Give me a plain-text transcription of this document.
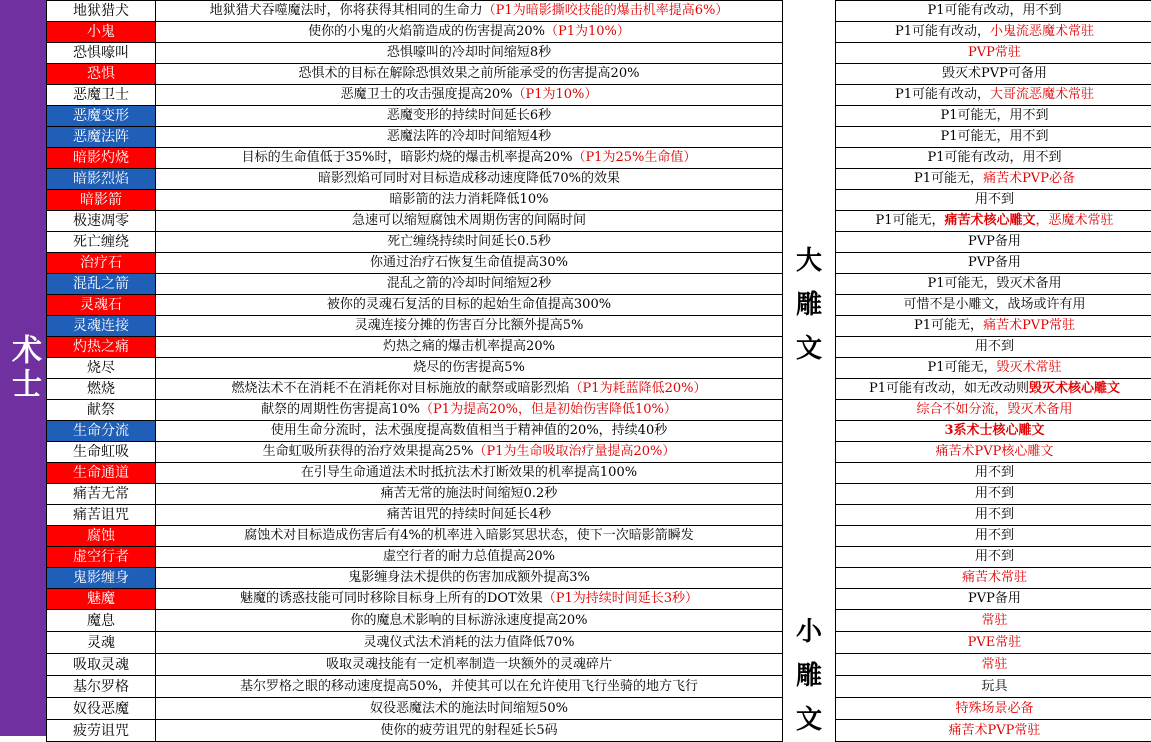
术士
地狱猎犬	地狱猎犬吞噬魔法时，你将获得其相同的生命力（P1为暗影撕咬技能的爆击机率提高6%）	大雕文	P1可能有改动，用不到
小鬼	使你的小鬼的火焰箭造成的伤害提高20%（P1为10%）		P1可能有改动，小鬼流恶魔术常驻
恐惧嚎叫	恐惧嚎叫的冷却时间缩短8秒		PVP常驻
恐惧	恐惧术的目标在解除恐惧效果之前所能承受的伤害提高20%		毁灭术PVP可备用
恶魔卫士	恶魔卫士的攻击强度提高20%（P1为10%）		P1可能有改动，大哥流恶魔术常驻
恶魔变形	恶魔变形的持续时间延长6秒		P1可能无，用不到
恶魔法阵	恶魔法阵的冷却时间缩短4秒		P1可能无，用不到
暗影灼烧	目标的生命值低于35%时，暗影灼烧的爆击机率提高20%（P1为25%生命值）		P1可能有改动，用不到
暗影烈焰	暗影烈焰可同时对目标造成移动速度降低70%的效果		P1可能无，痛苦术PVP必备
暗影箭	暗影箭的法力消耗降低10%		用不到
极速凋零	急速可以缩短腐蚀术周期伤害的间隔时间		P1可能无，痛苦术核心雕文，恶魔术常驻
死亡缠绕	死亡缠绕持续时间延长0.5秒		PVP备用
治疗石	你通过治疗石恢复生命值提高30%		PVP备用
混乱之箭	混乱之箭的冷却时间缩短2秒		P1可能无，毁灭术备用
灵魂石	被你的灵魂石复活的目标的起始生命值提高300%		可惜不是小雕文，战场或许有用
灵魂连接	灵魂连接分摊的伤害百分比额外提高5%		P1可能无，痛苦术PVP常驻
灼热之痛	灼热之痛的爆击机率提高20%		用不到
烧尽	烧尽的伤害提高5%		P1可能无，毁灭术常驻
燃烧	燃烧法术不在消耗不在消耗你对目标施放的献祭或暗影烈焰（P1为耗蓝降低20%）		P1可能有改动，如无改动则毁灭术核心雕文
献祭	献祭的周期性伤害提高10%（P1为提高20%，但是初始伤害降低10%）		综合不如分流，毁灭术备用
生命分流	使用生命分流时，法术强度提高数值相当于精神值的20%，持续40秒		3系术士核心雕文
生命虹吸	生命虹吸所获得的治疗效果提高25%（P1为生命吸取治疗量提高20%）		痛苦术PVP核心雕文
生命通道	在引导生命通道法术时抵抗法术打断效果的机率提高100%		用不到
痛苦无常	痛苦无常的施法时间缩短0.2秒		用不到
痛苦诅咒	痛苦诅咒的持续时间延长4秒		用不到
腐蚀	腐蚀术对目标造成伤害后有4%的机率进入暗影冥思状态，使下一次暗影箭瞬发		用不到
虚空行者	虚空行者的耐力总值提高20%		用不到
鬼影缠身	鬼影缠身法术提供的伤害加成额外提高3%		痛苦术常驻
魅魔	魅魔的诱惑技能可同时移除目标身上所有的DOT效果（P1为持续时间延长3秒）		PVP备用
魔息	你的魔息术影响的目标游泳速度提高20%	小雕文	常驻
灵魂	灵魂仪式法术消耗的法力值降低70%		PVE常驻
吸取灵魂	吸取灵魂技能有一定机率制造一块额外的灵魂碎片		常驻
基尔罗格	基尔罗格之眼的移动速度提高50%，并使其可以在允许使用飞行坐骑的地方飞行		玩具
奴役恶魔	奴役恶魔法术的施法时间缩短50%		特殊场景必备
疲劳诅咒	使你的疲劳诅咒的射程延长5码		痛苦术PVP常驻
